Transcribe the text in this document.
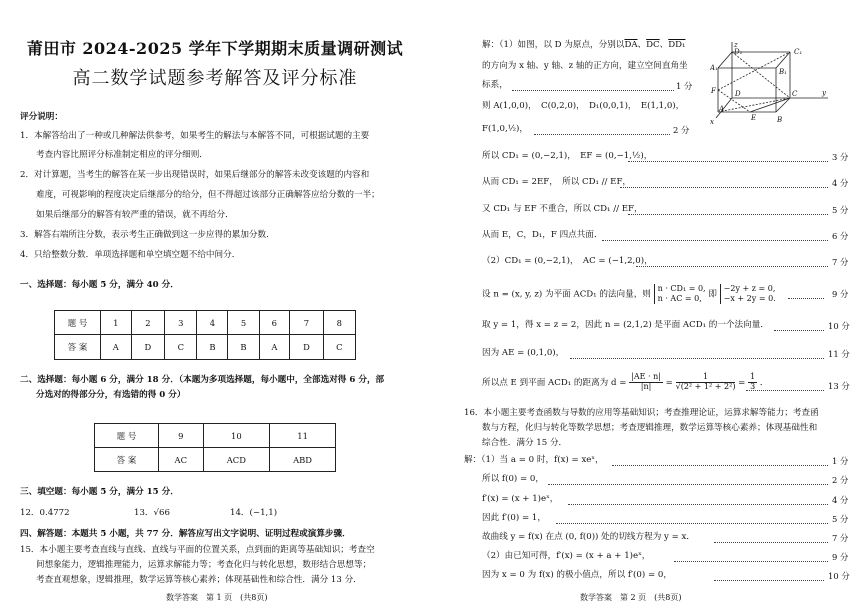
莆田市 2024-2025 学年下学期期末质量调研测试
高二数学试题参考解答及评分标准
评分说明：
1．本解答给出了一种或几种解法供参考，如果考生的解法与本解答不同，可根据试题的主要
考查内容比照评分标准制定相应的评分细则．
2．对计算题，当考生的解答在某一步出现错误时，如果后继部分的解答未改变该题的内容和
难度，可视影响的程度决定后继部分的给分，但不得超过该部分正确解答应给分数的一半；
如果后继部分的解答有较严重的错误，就不再给分．
3．解答右端所注分数，表示考生正确做到这一步应得的累加分数．
4．只给整数分数．单项选择题和单空填空题不给中间分．
一、选择题：每小题 5 分，满分 40 分．
题 号	1	2	3	4	5	6	7	8
答 案	A	D	C	B	B	A	D	C
二、选择题：每小题 6 分，满分 18 分．（本题为多项选择题，每小题中，全部选对得 6 分，部
分选对的得部分分，有选错的得 0 分）
题 号	9	10	11
答 案	AC	ACD	ABD
三、填空题：每小题 5 分，满分 15 分．
12．0.4772	13．√66	14．(−1,1)
四、解答题：本题共 5 小题，共 77 分．解答应写出文字说明、证明过程或演算步骤．
15．本小题主要考查直线与直线、直线与平面的位置关系，点到面的距离等基础知识；考查空
间想象能力，逻辑推理能力，运算求解能力等；考查化归与转化思想，数形结合思想等；
考查直观想象，逻辑推理，数学运算等核心素养；体现基础性和综合性．满分 13 分．
数学答案　第 1 页　(共8页)
解：（1）如图，以 D 为原点，分别以$\overline{DA}$、$\overline{DC}$、DD₁
的方向为 x 轴、y 轴、z 轴的正方向，建立空间直角坐
标系，	1 分
则 A(1,0,0)，　C(0,2,0)，　D₁(0,0,1)，　E(1,1,0)，
F(1,0,½)，	2 分
z
D₁	C₁
A₁	B₁
F	D	C	y
A
E	B
x
所以 CD₁ = (0,−2,1)，　EF = (0,−1,½)，	3 分
从而 CD₁ = 2EF，　所以 CD₁ // EF，	4 分
又 CD₁ 与 EF 不重合，所以 CD₁ // EF，	5 分
从而 E，C，D₁，F 四点共面．	6 分
（2）CD₁ = (0,−2,1)，　AC = (−1,2,0)，	7 分
设 n = (x, y, z) 为平面 ACD₁ 的法向量，则
n · CD₁ = 0,
n · AC = 0, 即
−2y + z = 0,
−x + 2y = 0.	9 分
取 y = 1，得 x = z = 2，因此 n = (2,1,2) 是平面 ACD₁ 的一个法向量．	10 分
因为 AE = (0,1,0)，	11 分
所以点 E 到平面 ACD₁ 的距离为 $d = \frac{|AE \cdot n|}{|n|} = \frac{1}{\text{√(2² + 1² + 2²)}} = \frac{1}{3}$ ．	13 分
16．本小题主要考查函数与导数的应用等基础知识；考查推理论证，运算求解等能力；考查函
数与方程，化归与转化等数学思想；考查逻辑推理，数学运算等核心素养；体现基础性和
综合性．满分 15 分．
解：（1）当 a = 0 时，f(x) = xeˣ，	1 分
所以 f(0) = 0，	2 分
f′(x) = (x + 1)eˣ，	4 分
因此 f′(0) = 1，	5 分
故曲线 y = f(x) 在点 (0, f(0)) 处的切线方程为 y = x．	7 分
（2）由已知可得，f′(x) = (x + a + 1)eˣ，	9 分
因为 x = 0 为 f(x) 的极小值点，所以 f′(0) = 0，	10 分
数学答案　第 2 页　(共8页)
